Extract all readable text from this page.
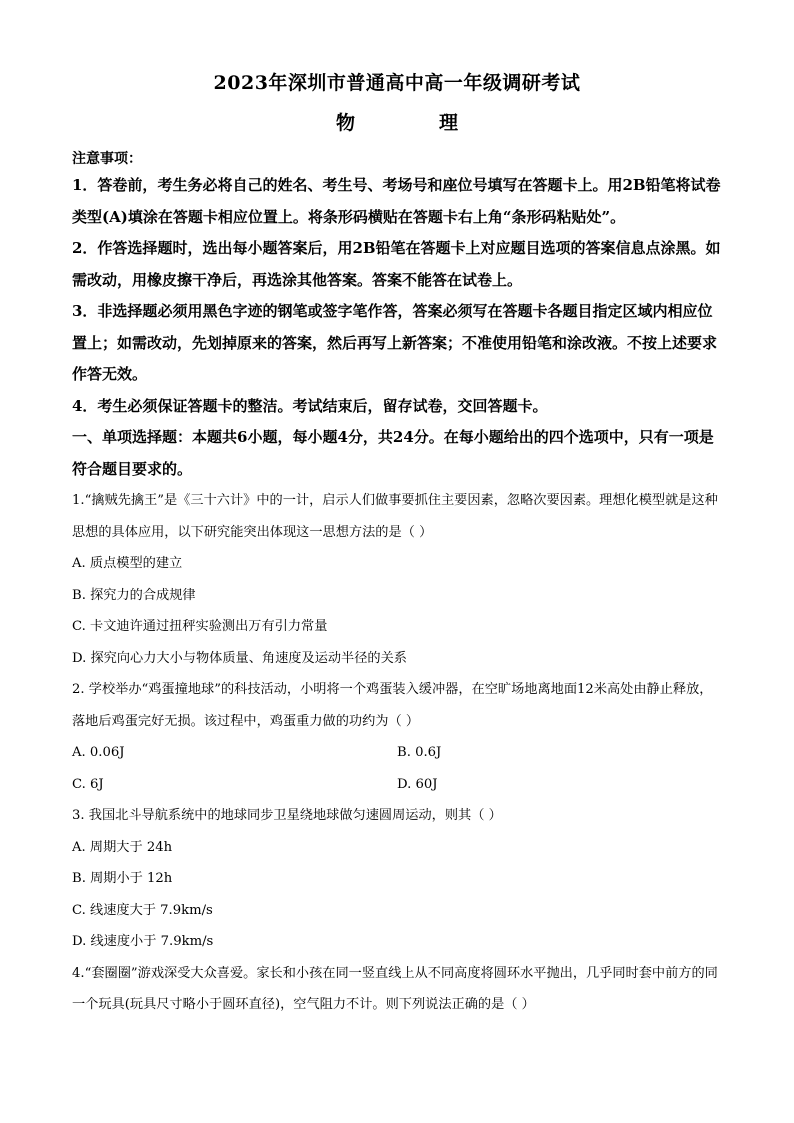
2023年深圳市普通高中高一年级调研考试
物	理
注意事项：

1．答卷前，考生务必将自己的姓名、考生号、考场号和座位号填写在答题卡上。用2B铅笔将试卷类型(A)填涂在答题卡相应位置上。将条形码横贴在答题卡右上角“条形码粘贴处”。

2．作答选择题时，选出每小题答案后，用2B铅笔在答题卡上对应题目选项的答案信息点涂黑。如需改动，用橡皮擦干净后，再选涂其他答案。答案不能答在试卷上。

3．非选择题必须用黑色字迹的钢笔或签字笔作答，答案必须写在答题卡各题目指定区域内相应位置上；如需改动，先划掉原来的答案，然后再写上新答案；不准使用铅笔和涂改液。不按上述要求作答无效。

4．考生必须保证答题卡的整洁。考试结束后，留存试卷，交回答题卡。

一、单项选择题：本题共6小题，每小题4分，共24分。在每小题给出的四个选项中，只有一项是符合题目要求的。

1.“擒贼先擒王”是《三十六计》中的一计，启示人们做事要抓住主要因素，忽略次要因素。理想化模型就是这种思想的具体应用，以下研究能突出体现这一思想方法的是（ ）

A. 质点模型的建立

B. 探究力的合成规律

C. 卡文迪许通过扭秤实验测出万有引力常量

D. 探究向心力大小与物体质量、角速度及运动半径的关系

2. 学校举办“鸡蛋撞地球”的科技活动，小明将一个鸡蛋装入缓冲器，在空旷场地离地面12米高处由静止释放，落地后鸡蛋完好无损。该过程中，鸡蛋重力做的功约为（ ）

A. 0.06J	B. 0.6J
C. 6J	D. 60J

3. 我国北斗导航系统中的地球同步卫星绕地球做匀速圆周运动，则其（ ）

A. 周期大于 24h

B. 周期小于 12h

C. 线速度大于 7.9km/s

D. 线速度小于 7.9km/s

4.“套圈圈”游戏深受大众喜爱。家长和小孩在同一竖直线上从不同高度将圆环水平抛出，几乎同时套中前方的同一个玩具(玩具尺寸略小于圆环直径)，空气阻力不计。则下列说法正确的是（ ）
